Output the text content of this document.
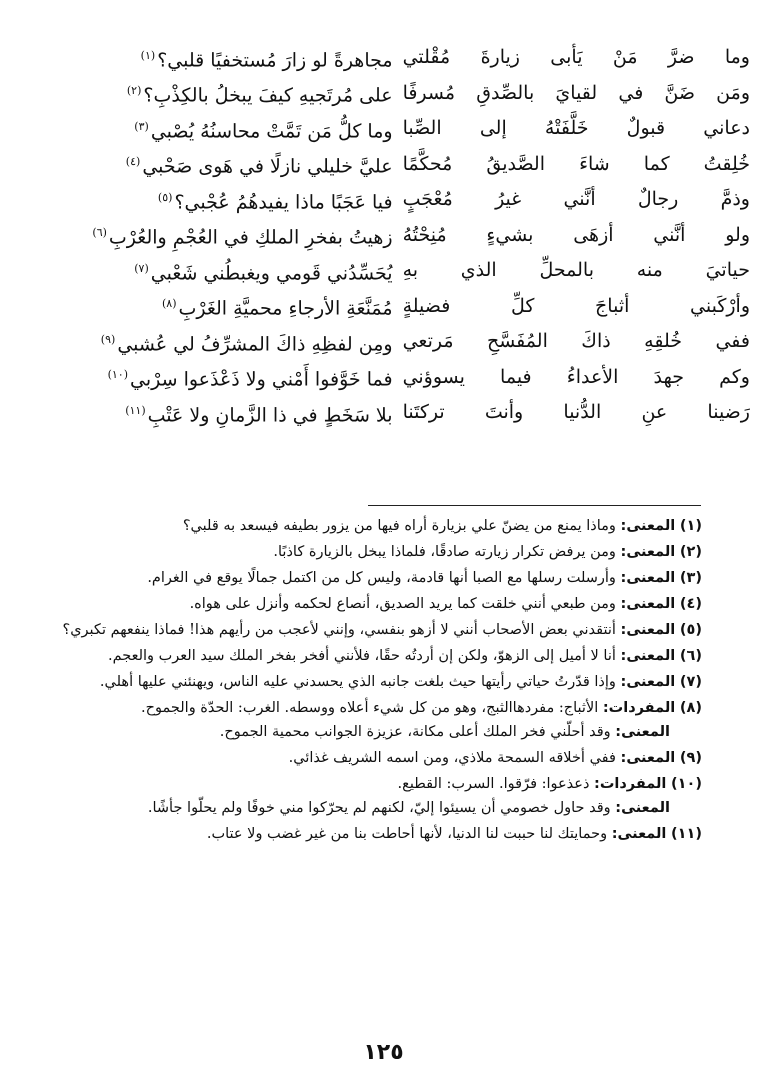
وما ضرَّ مَنْ يَأبى زيارةَ مُقْلتي
مجاهرةً لو زارَ مُستخفيًا قلبي؟$^{(١)}$
ومَن ضَنَّ في لقيايَ بالصِّدقِ مُسرفًا
على مُرتَجيهِ كيفَ يبخلُ بالكِذْبِ؟$^{(٢)}$
دعاني قبولٌ خَلَّفَتْهُ إلى الصِّبا
وما كلُّ مَن تَمَّتْ محاسنُهُ يُصْبي$^{(٣)}$
خُلِقتُ كما شاءَ الصَّديقُ مُحكَّمًا
عليَّ خليلي نازلًا في هَوى صَحْبي$^{(٤)}$
وذمَّ رجالٌ أنَّني غيرُ مُعْجَبٍ
فيا عَجَبًا ماذا يفيدهُمُ عُجْبي؟$^{(٥)}$
ولو أنَّني أزهَى بشيءٍ مُنِحْتُهُ
زهيتُ بفخرِ الملكِ في العُجْمِ والعُرْبِ$^{(٦)}$
حياتيَ منه بالمحلِّ الذي بهِ
يُحَسِّدُني قَومي ويغبطُني شَعْبي$^{(٧)}$
وأرْكَبني أثباجَ كلِّ فضيلةٍ
مُمَنَّعَةِ الأرجاءِ محميَّةِ الغَرْبِ$^{(٨)}$
ففي خُلقِهِ ذاكَ المُفَسَّحِ مَرتعي
ومِن لفظِهِ ذاكَ المشرِّفُ لي عُشبي$^{(٩)}$
وكم جهدَ الأعداءُ فيما يسوؤني
فما خَوَّفوا أَمْني ولا ذَعْذَعوا سِرْبي$^{(١٠)}$
رَضينا عنِ الدُّنيا وأنتَ تركتَنا
بلا سَخَطٍ في ذا الزَّمانِ ولا عَتْبِ$^{(١١)}$

(١) المعنى: وماذا يمنع من يضنّ علي بزيارة أراه فيها من يزور بطيفه فيسعد به قلبي؟

(٢) المعنى: ومن يرفض تكرار زيارته صادقًا، فلماذا يبخل بالزيارة كاذبًا.

(٣) المعنى: وأرسلت رسلها مع الصبا أنها قادمة، وليس كل من اكتمل جمالًا يوقع في الغرام.

(٤) المعنى: ومن طبعي أنني خلقت كما يريد الصديق، أنصاع لحكمه وأنزل على هواه.

(٥) المعنى: أنتقدني بعض الأصحاب أنني لا أزهو بنفسي، وإنني لأعجب من رأيهم هذا! فماذا ينفعهم تكبري؟

(٦) المعنى: أنا لا أميل إلى الزهوّ، ولكن إن أردتُه حقًا، فلأنني أفخر بفخر الملك سيد العرب والعجم.

(٧) المعنى: وإذا قدّرتُ حياتي رأيتها حيث بلغت جانبه الذي يحسدني عليه الناس، ويهنئني عليها أهلي.

(٨) المفردات: الأثباج: مفردهاالثبج، وهو من كل شيء أعلاه ووسطه. الغرب: الحدّة والجموح.

المعنى: وقد أحلّني فخر الملك أعلى مكانة، عزيزة الجوانب محمية الجموح.

(٩) المعنى: ففي أخلاقه السمحة ملاذي، ومن اسمه الشريف غذائي.

(١٠) المفردات: ذعذعوا: فرّقوا. السرب: القطيع.

المعنى: وقد حاول خصومي أن يسيئوا إليّ، لكنهم لم يحرّكوا مني خوفًا ولم يحلّوا جأشًا.

(١١) المعنى: وحمايتك لنا حببت لنا الدنيا، لأنها أحاطت بنا من غير غضب ولا عتاب.

١٢٥
